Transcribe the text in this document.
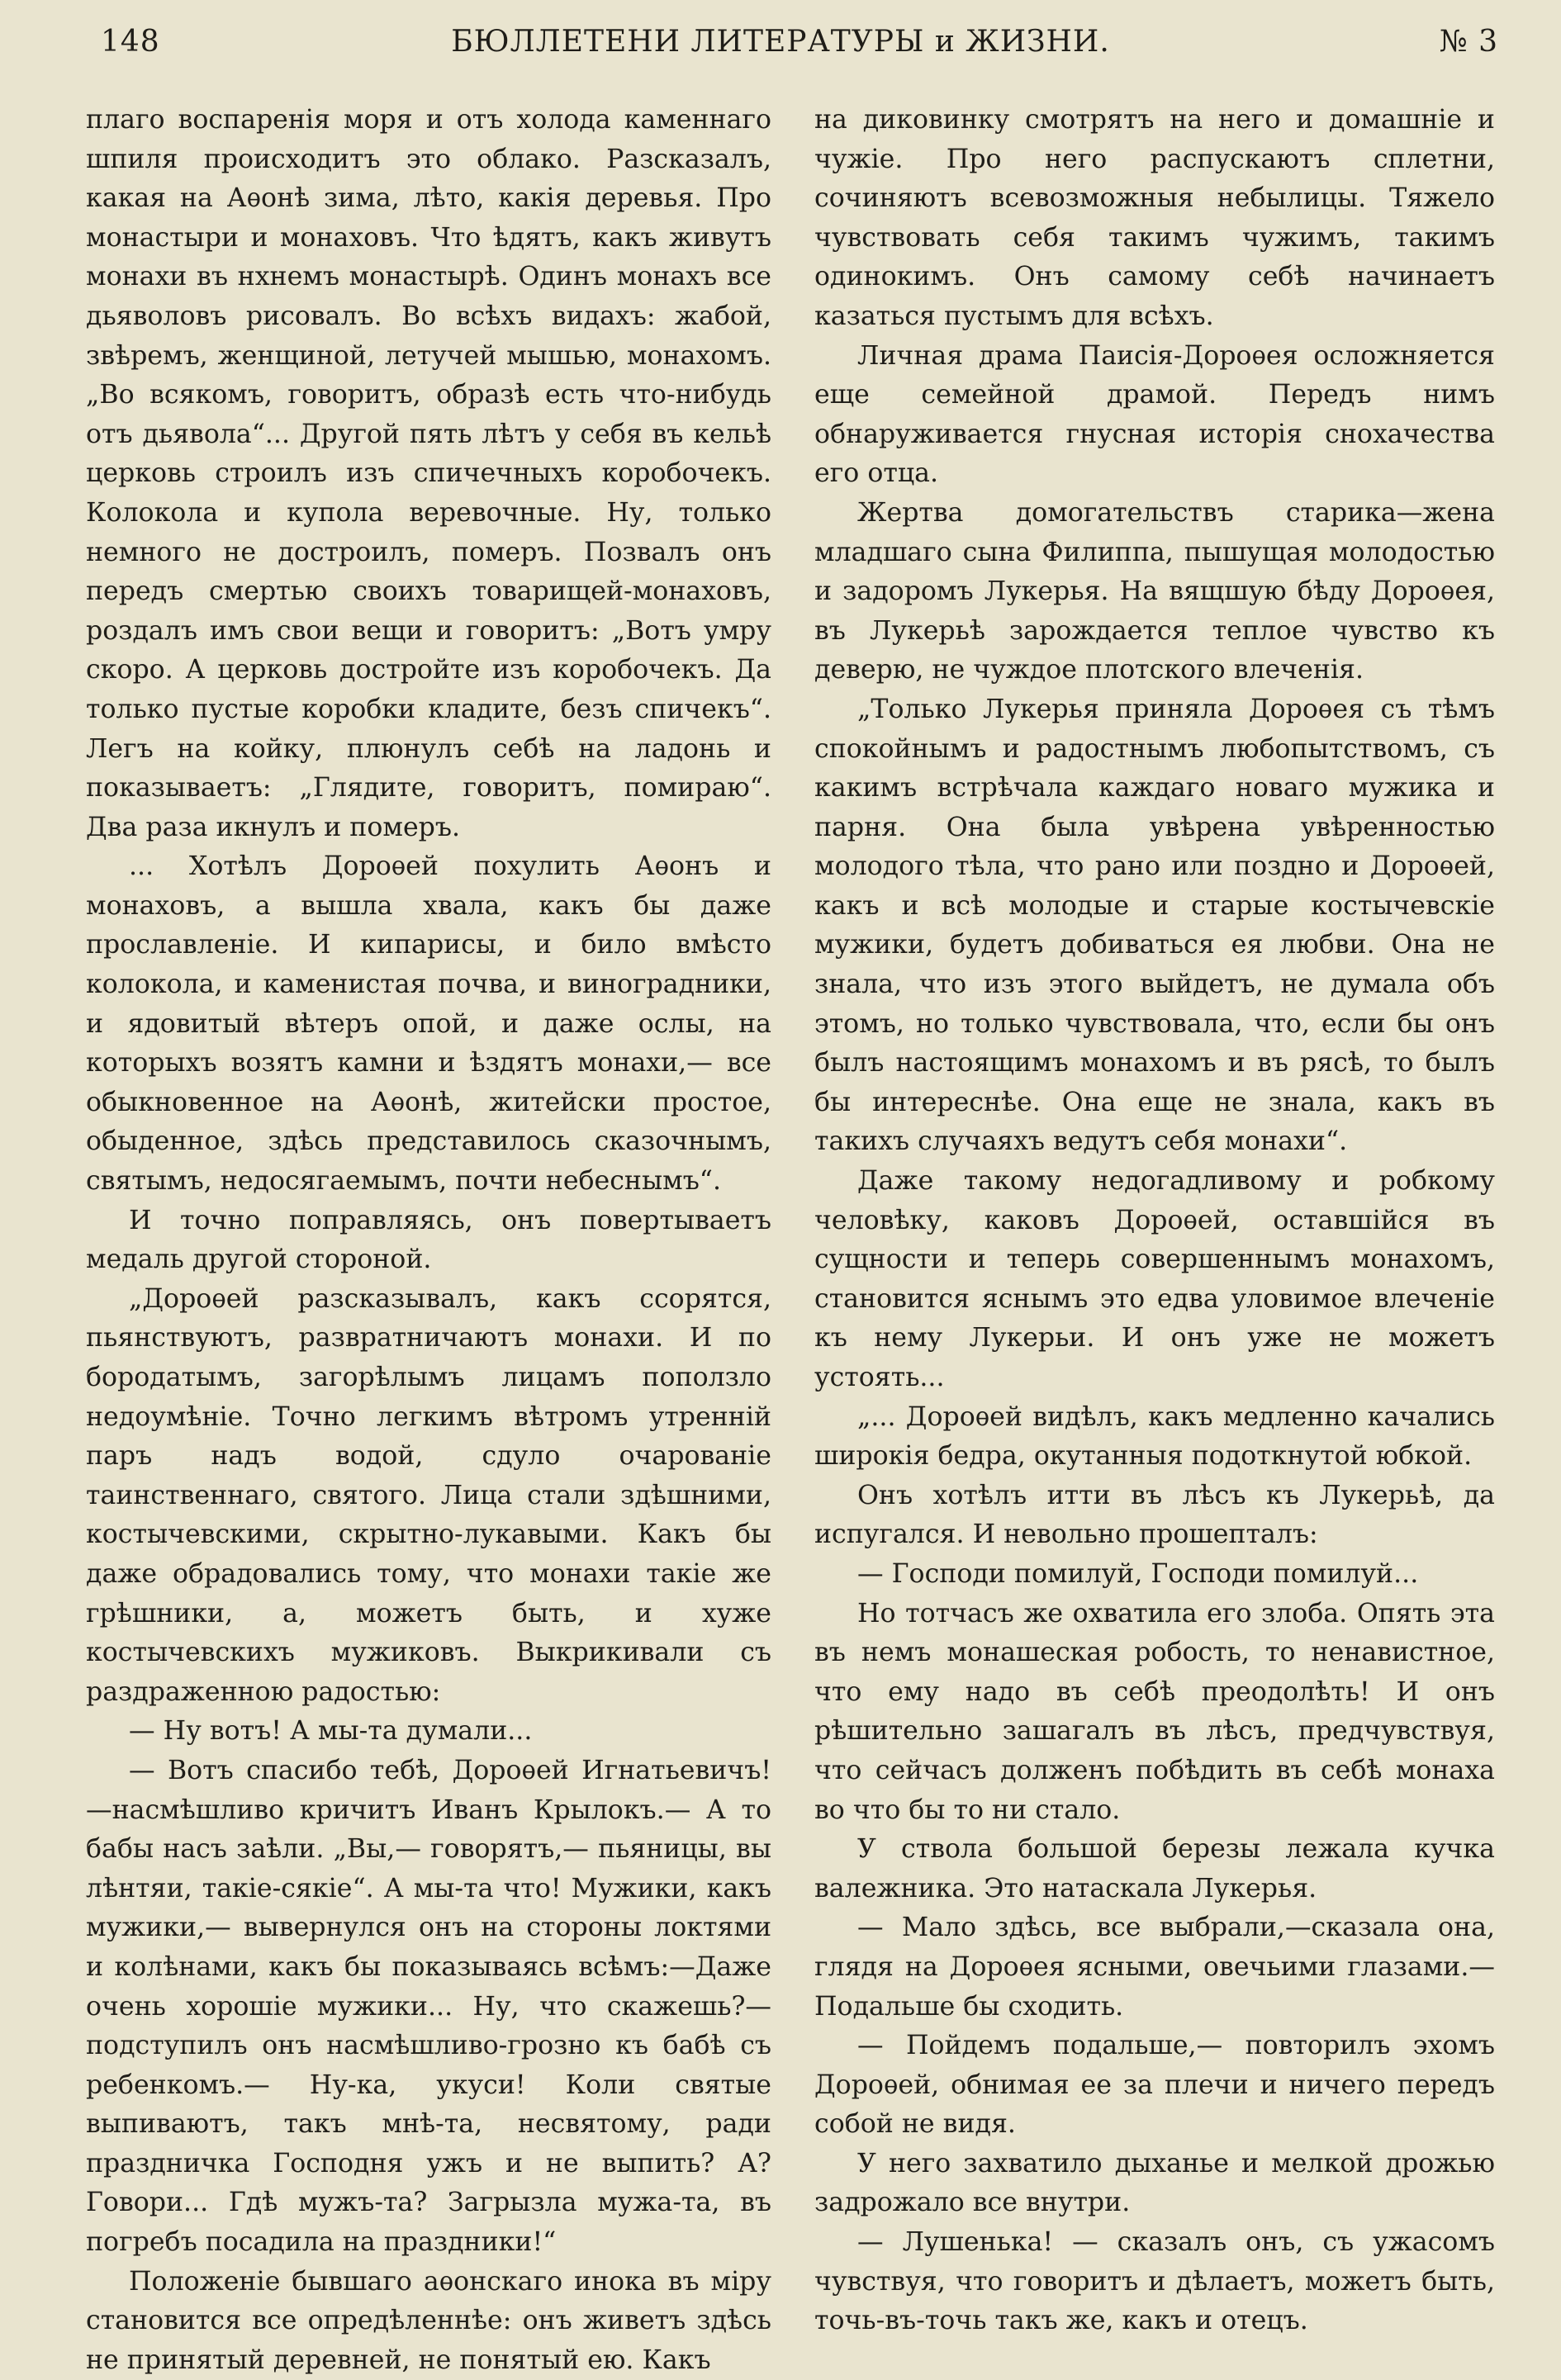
148	БЮЛЛЕТЕНИ ЛИТЕРАТУРЫ и ЖИЗНИ.	№ 3

плаго воспаренія моря и отъ холода каменнаго шпиля происходитъ это облако. Разсказалъ, какая на Аѳонѣ зима, лѣто, какія деревья. Про монастыри и монаховъ. Что ѣдятъ, какъ живутъ монахи въ нхнемъ монастырѣ. Одинъ монахъ все дьяволовъ рисовалъ. Во всѣхъ видахъ: жабой, звѣремъ, женщиной, летучей мышью, монахомъ. „Во всякомъ, говоритъ, образѣ есть что-нибудь отъ дьявола“... Другой пять лѣтъ у себя въ кельѣ церковь строилъ изъ спичечныхъ коробочекъ. Колокола и купола веревочные. Ну, только немного не достроилъ, померъ. Позвалъ онъ передъ смертью своихъ товарищей-монаховъ, роздалъ имъ свои вещи и говоритъ: „Вотъ умру скоро. А церковь достройте изъ коробочекъ. Да только пустые коробки кладите, безъ спичекъ“. Легъ на койку, плюнулъ себѣ на ладонь и показываетъ: „Глядите, говоритъ, помираю“. Два раза икнулъ и померъ.

... Хотѣлъ Дороѳей похулить Аѳонъ и монаховъ, а вышла хвала, какъ бы даже прославленіе. И кипарисы, и било вмѣсто колокола, и каменистая почва, и виноградники, и ядовитый вѣтеръ опой, и даже ослы, на которыхъ возятъ камни и ѣздятъ монахи,— все обыкновенное на Аѳонѣ, житейски простое, обыденное, здѣсь представилось сказочнымъ, святымъ, недосягаемымъ, почти небеснымъ“.

И точно поправляясь, онъ повертываетъ медаль другой стороной.

„Дороѳей разсказывалъ, какъ ссорятся, пьянствуютъ, развратничаютъ монахи. И по бородатымъ, загорѣлымъ лицамъ поползло недоумѣніе. Точно легкимъ вѣтромъ утренній паръ надъ водой, сдуло очарованіе таинственнаго, святого. Лица стали здѣшними, костычевскими, скрытно-лукавыми. Какъ бы даже обрадовались тому, что монахи такіе же грѣшники, а, можетъ быть, и хуже костычевскихъ мужиковъ. Выкрикивали съ раздраженною радостью:

— Ну вотъ! А мы-та думали...

— Вотъ спасибо тебѣ, Дороѳей Игнатьевичъ!—насмѣшливо кричитъ Иванъ Крылокъ.— А то бабы насъ заѣли. „Вы,— говорятъ,— пьяницы, вы лѣнтяи, такіе-сякіе“. А мы-та что! Мужики, какъ мужики,— вывернулся онъ на стороны локтями и колѣнами, какъ бы показываясь всѣмъ:—Даже очень хорошіе мужики... Ну, что скажешь?—подступилъ онъ насмѣшливо-грозно къ бабѣ съ ребенкомъ.— Ну-ка, укуси! Коли святые выпиваютъ, такъ мнѣ-та, несвятому, ради праздничка Господня ужъ и не выпить? А? Говори... Гдѣ мужъ-та? Загрызла мужа-та, въ погребъ посадила на праздники!“

Положеніе бывшаго аѳонскаго инока въ міру становится все опредѣленнѣе: онъ живетъ здѣсь не принятый деревней, не понятый ею. Какъ

на диковинку смотрятъ на него и домашніе и чужіе. Про него распускаютъ сплетни, сочиняютъ всевозможныя небылицы. Тяжело чувствовать себя такимъ чужимъ, такимъ одинокимъ. Онъ самому себѣ начинаетъ казаться пустымъ для всѣхъ.

Личная драма Паисія-Дороѳея осложняется еще семейной драмой. Передъ нимъ обнаруживается гнусная исторія снохачества его отца.

Жертва домогательствъ старика—жена младшаго сына Филиппа, пышущая молодостью и задоромъ Лукерья. На вящшую бѣду Дороѳея, въ Лукерьѣ зарождается теплое чувство къ деверю, не чуждое плотского влеченія.

„Только Лукерья приняла Дороѳея съ тѣмъ спокойнымъ и радостнымъ любопытствомъ, съ какимъ встрѣчала каждаго новаго мужика и парня. Она была увѣрена увѣренностью молодого тѣла, что рано или поздно и Дороѳей, какъ и всѣ молодые и старые костычевскіе мужики, будетъ добиваться ея любви. Она не знала, что изъ этого выйдетъ, не думала объ этомъ, но только чувствовала, что, если бы онъ былъ настоящимъ монахомъ и въ рясѣ, то былъ бы интереснѣе. Она еще не знала, какъ въ такихъ случаяхъ ведутъ себя монахи“.

Даже такому недогадливому и робкому человѣку, каковъ Дороѳей, оставшійся въ сущности и теперь совершеннымъ монахомъ, становится яснымъ это едва уловимое влеченіе къ нему Лукерьи. И онъ уже не можетъ устоять...

„... Дороѳей видѣлъ, какъ медленно качались широкія бедра, окутанныя подоткнутой юбкой.

Онъ хотѣлъ итти въ лѣсъ къ Лукерьѣ, да испугался. И невольно прошепталъ:

— Господи помилуй, Господи помилуй...

Но тотчасъ же охватила его злоба. Опять эта въ немъ монашеская робость, то ненавистное, что ему надо въ себѣ преодолѣть! И онъ рѣшительно зашагалъ въ лѣсъ, предчувствуя, что сейчасъ долженъ побѣдить въ себѣ монаха во что бы то ни стало.

У ствола большой березы лежала кучка валежника. Это натаскала Лукерья.

— Мало здѣсь, все выбрали,—сказала она, глядя на Дороѳея ясными, овечьими глазами.—Подальше бы сходить.

— Пойдемъ подальше,— повторилъ эхомъ Дороѳей, обнимая ее за плечи и ничего передъ собой не видя.

У него захватило дыханье и мелкой дрожью задрожало все внутри.

— Лушенька! — сказалъ онъ, съ ужасомъ чувствуя, что говоритъ и дѣлаетъ, можетъ быть, точь-въ-точь такъ же, какъ и отецъ.
